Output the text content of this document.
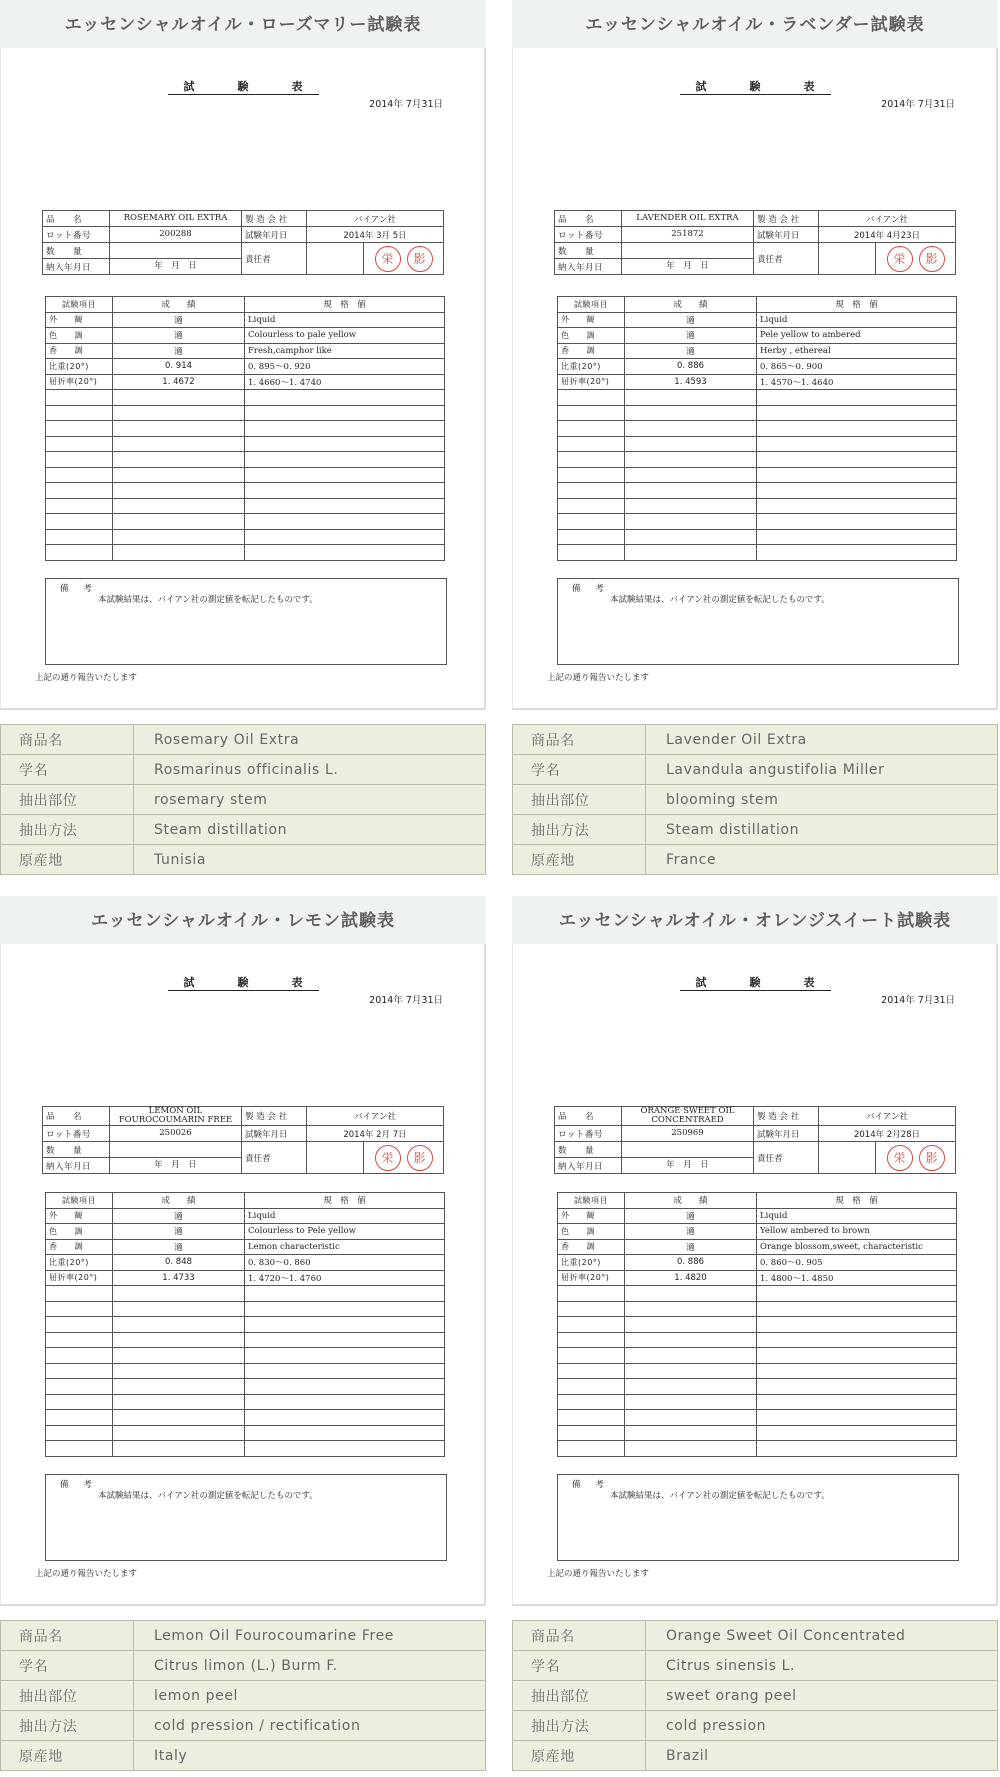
エッセンシャルオイル・ローズマリー試験表
試　験　表
2014年 7月31日
品　　名	ROSEMARY OIL EXTRA	製 造 会 社	バイアン社	
ロット番号	200288	試験年月日	2014年 3月 5日	
数　　量		責任者		栄 影
納入年月日	年　月　日			
試験項目	成　　績	規　格　値
外　　観	適	Liquid
色　　調	適	Colourless to pale yellow
香　　調	適	Fresh,camphor like
比重(20°)	0. 914	0. 895～0. 920
屈折率(20°)	1. 4672	1. 4660～1. 4740

備 考
本試験結果は、バイアン社の測定値を転記したものです。
上記の通り報告いたします
商品名	Rosemary Oil Extra
学名	Rosmarinus officinalis L.
抽出部位	rosemary stem
抽出方法	Steam distillation
原産地	Tunisia
エッセンシャルオイル・ラベンダー試験表
試　験　表
2014年 7月31日
品　　名	LAVENDER OIL EXTRA	製 造 会 社	バイアン社	
ロット番号	251872	試験年月日	2014年 4月23日	
数　　量		責任者		栄 影
納入年月日	年　月　日			
試験項目	成　　績	規　格　値
外　　観	適	Liquid
色　　調	適	Pele yellow to ambered
香　　調	適	Herby , ethereal
比重(20°)	0. 886	0. 865～0. 900
屈折率(20°)	1. 4593	1. 4570～1. 4640

備 考
本試験結果は、バイアン社の測定値を転記したものです。
上記の通り報告いたします
商品名	Lavender Oil Extra
学名	Lavandula angustifolia Miller
抽出部位	blooming stem
抽出方法	Steam distillation
原産地	France
エッセンシャルオイル・レモン試験表
試　験　表
2014年 7月31日
品　　名	LEMON OIL FOUROCOUMARIN FREE	製 造 会 社	バイアン社	
ロット番号	250026	試験年月日	2014年 2月 7日	
数　　量		責任者		栄 影
納入年月日	年　月　日			
試験項目	成　　績	規　格　値
外　　観	適	Liquid
色　　調	適	Colourless to Pele yellow
香　　調	適	Lemon characteristic
比重(20°)	0. 848	0. 830～0. 860
屈折率(20°)	1. 4733	1. 4720～1. 4760

備 考
本試験結果は、バイアン社の測定値を転記したものです。
上記の通り報告いたします
商品名	Lemon Oil Fourocoumarine Free
学名	Citrus limon (L.) Burm F.
抽出部位	lemon peel
抽出方法	cold pression / rectification
原産地	Italy
エッセンシャルオイル・オレンジスイート試験表
試　験　表
2014年 7月31日
品　　名	ORANGE SWEET OIL CONCENTRAED	製 造 会 社	バイアン社	
ロット番号	250969	試験年月日	2014年 2月28日	
数　　量		責任者		栄 影
納入年月日	年　月　日			
試験項目	成　　績	規　格　値
外　　観	適	Liquid
色　　調	適	Yellow ambered to brown
香　　調	適	Orange blossom,sweet, characteristic
比重(20°)	0. 886	0. 860～0. 905
屈折率(20°)	1. 4820	1. 4800～1. 4850

備 考
本試験結果は、バイアン社の測定値を転記したものです。
上記の通り報告いたします
商品名	Orange Sweet Oil Concentrated
学名	Citrus sinensis L.
抽出部位	sweet orang peel
抽出方法	cold pression
原産地	Brazil
